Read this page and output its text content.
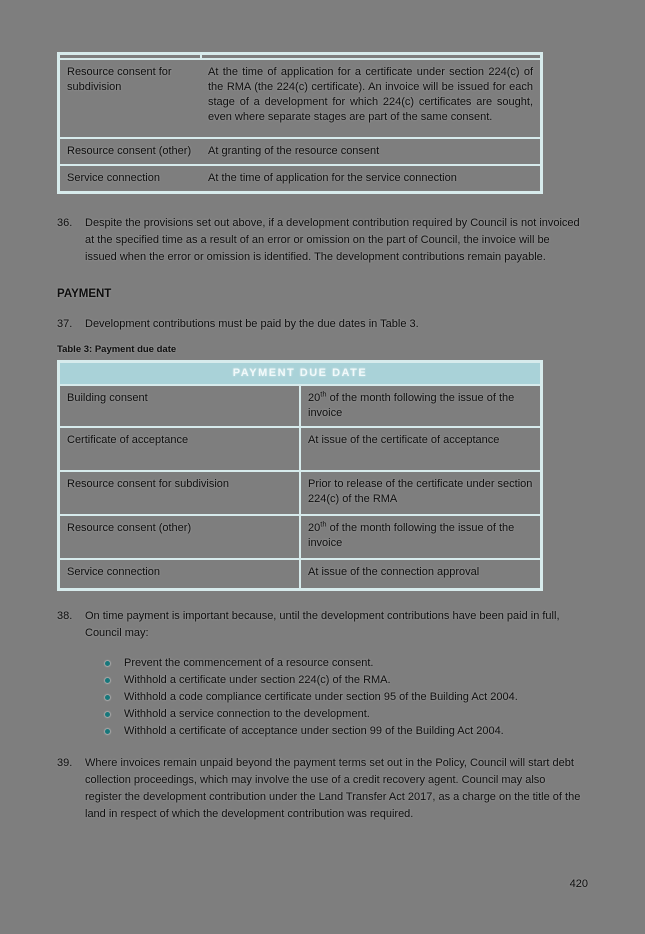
Resource consent for subdivision	At the time of application for a certificate under section 224(c) of the RMA (the 224(c) certificate). An invoice will be issued for each stage of a development for which 224(c) certificates are sought, even where separate stages are part of the same consent.
Resource consent (other)	At granting of the resource consent
Service connection	At the time of application for the service connection
36.	Despite the provisions set out above, if a development contribution required by Council is not invoiced at the specified time as a result of an error or omission on the part of Council, the invoice will be issued when the error or omission is identified. The development contributions remain payable.
PAYMENT
37.	Development contributions must be paid by the due dates in Table 3.
Table 3: Payment due date
PAYMENT DUE DATE	
Building consent	20th of the month following the issue of the invoice
Certificate of acceptance	At issue of the certificate of acceptance
Resource consent for subdivision	Prior to release of the certificate under section 224(c) of the RMA
Resource consent (other)	20th of the month following the issue of the invoice
Service connection	At issue of the connection approval
38.	On time payment is important because, until the development contributions have been paid in full, Council may:
Prevent the commencement of a resource consent.
Withhold a certificate under section 224(c) of the RMA.
Withhold a code compliance certificate under section 95 of the Building Act 2004.
Withhold a service connection to the development.
Withhold a certificate of acceptance under section 99 of the Building Act 2004.
39.	Where invoices remain unpaid beyond the payment terms set out in the Policy, Council will start debt collection proceedings, which may involve the use of a credit recovery agent. Council may also register the development contribution under the Land Transfer Act 2017, as a charge on the title of the land in respect of which the development contribution was required.
420
